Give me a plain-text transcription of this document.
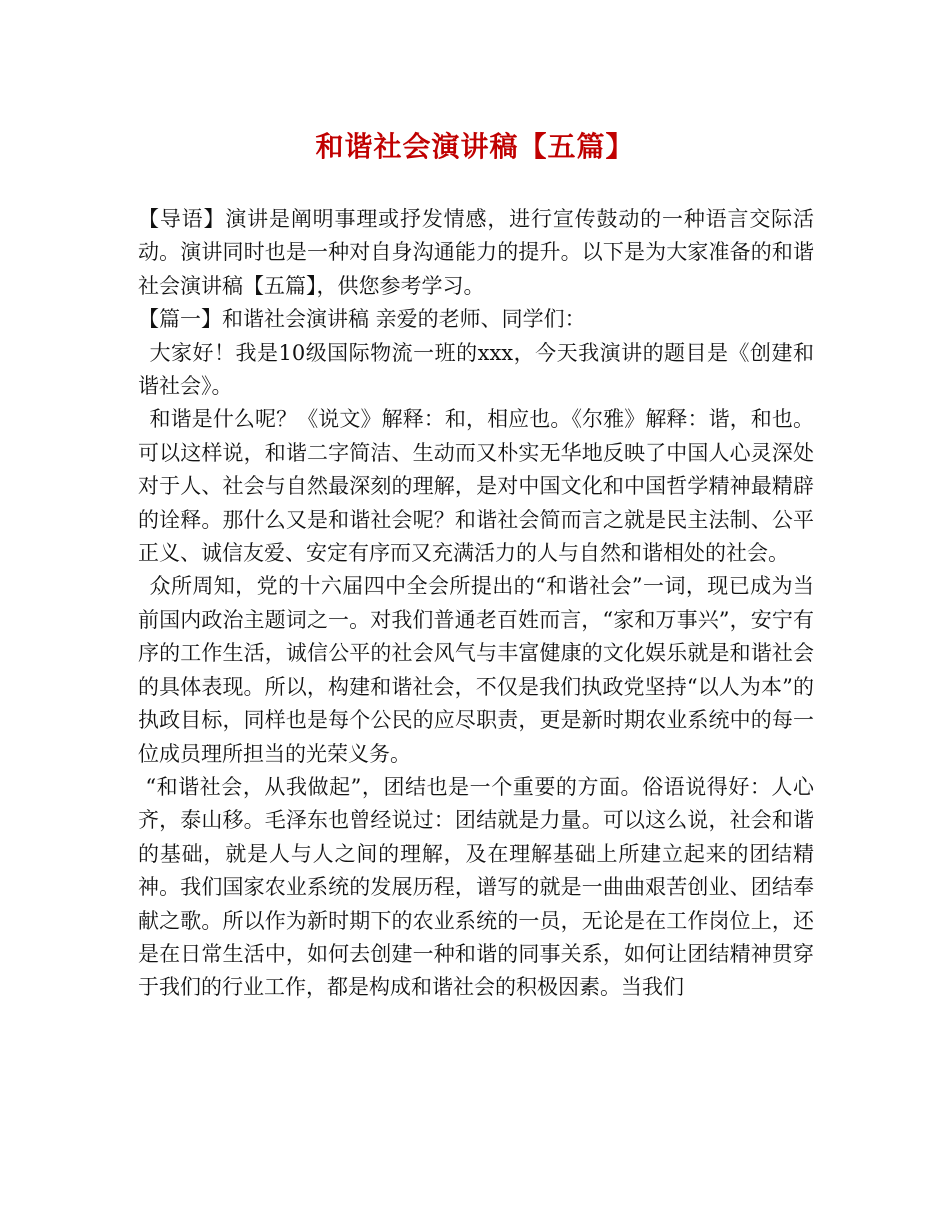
和谐社会演讲稿【五篇】

【导语】演讲是阐明事理或抒发情感，进行宣传鼓动的一种语言交际活动。演讲同时也是一种对自身沟通能力的提升。以下是为大家准备的和谐社会演讲稿【五篇】，供您参考学习。

【篇一】和谐社会演讲稿 亲爱的老师、同学们：

大家好！我是10级国际物流一班的xxx，今天我演讲的题目是《创建和谐社会》。

和谐是什么呢？《说文》解释：和，相应也。《尔雅》解释：谐，和也。可以这样说，和谐二字简洁、生动而又朴实无华地反映了中国人心灵深处对于人、社会与自然最深刻的理解，是对中国文化和中国哲学精神最精辟的诠释。那什么又是和谐社会呢？和谐社会简而言之就是民主法制、公平正义、诚信友爱、安定有序而又充满活力的人与自然和谐相处的社会。

众所周知，党的十六届四中全会所提出的“和谐社会”一词，现已成为当前国内政治主题词之一。对我们普通老百姓而言，“家和万事兴”，安宁有序的工作生活，诚信公平的社会风气与丰富健康的文化娱乐就是和谐社会的具体表现。所以，构建和谐社会，不仅是我们执政党坚持“以人为本”的执政目标，同样也是每个公民的应尽职责，更是新时期农业系统中的每一位成员理所担当的光荣义务。

“和谐社会，从我做起”，团结也是一个重要的方面。俗语说得好：人心齐，泰山移。毛泽东也曾经说过：团结就是力量。可以这么说，社会和谐的基础，就是人与人之间的理解，及在理解基础上所建立起来的团结精神。我们国家农业系统的发展历程，谱写的就是一曲曲艰苦创业、团结奉献之歌。所以作为新时期下的农业系统的一员，无论是在工作岗位上，还是在日常生活中，如何去创建一种和谐的同事关系，如何让团结精神贯穿于我们的行业工作，都是构成和谐社会的积极因素。当我们
